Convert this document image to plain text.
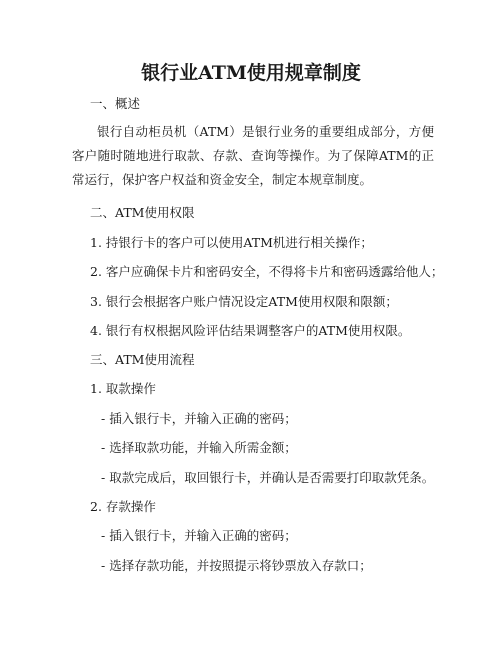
银行业ATM使用规章制度
一、概述
银行自动柜员机（ATM）是银行业务的重要组成部分，方便客户随时随地进行取款、存款、查询等操作。为了保障ATM的正常运行，保护客户权益和资金安全，制定本规章制度。
二、ATM使用权限
1. 持银行卡的客户可以使用ATM机进行相关操作；
2. 客户应确保卡片和密码安全，不得将卡片和密码透露给他人；
3. 银行会根据客户账户情况设定ATM使用权限和限额；
4. 银行有权根据风险评估结果调整客户的ATM使用权限。
三、ATM使用流程
1. 取款操作
- 插入银行卡，并输入正确的密码；
- 选择取款功能，并输入所需金额；
- 取款完成后，取回银行卡，并确认是否需要打印取款凭条。
2. 存款操作
- 插入银行卡，并输入正确的密码；
- 选择存款功能，并按照提示将钞票放入存款口；
